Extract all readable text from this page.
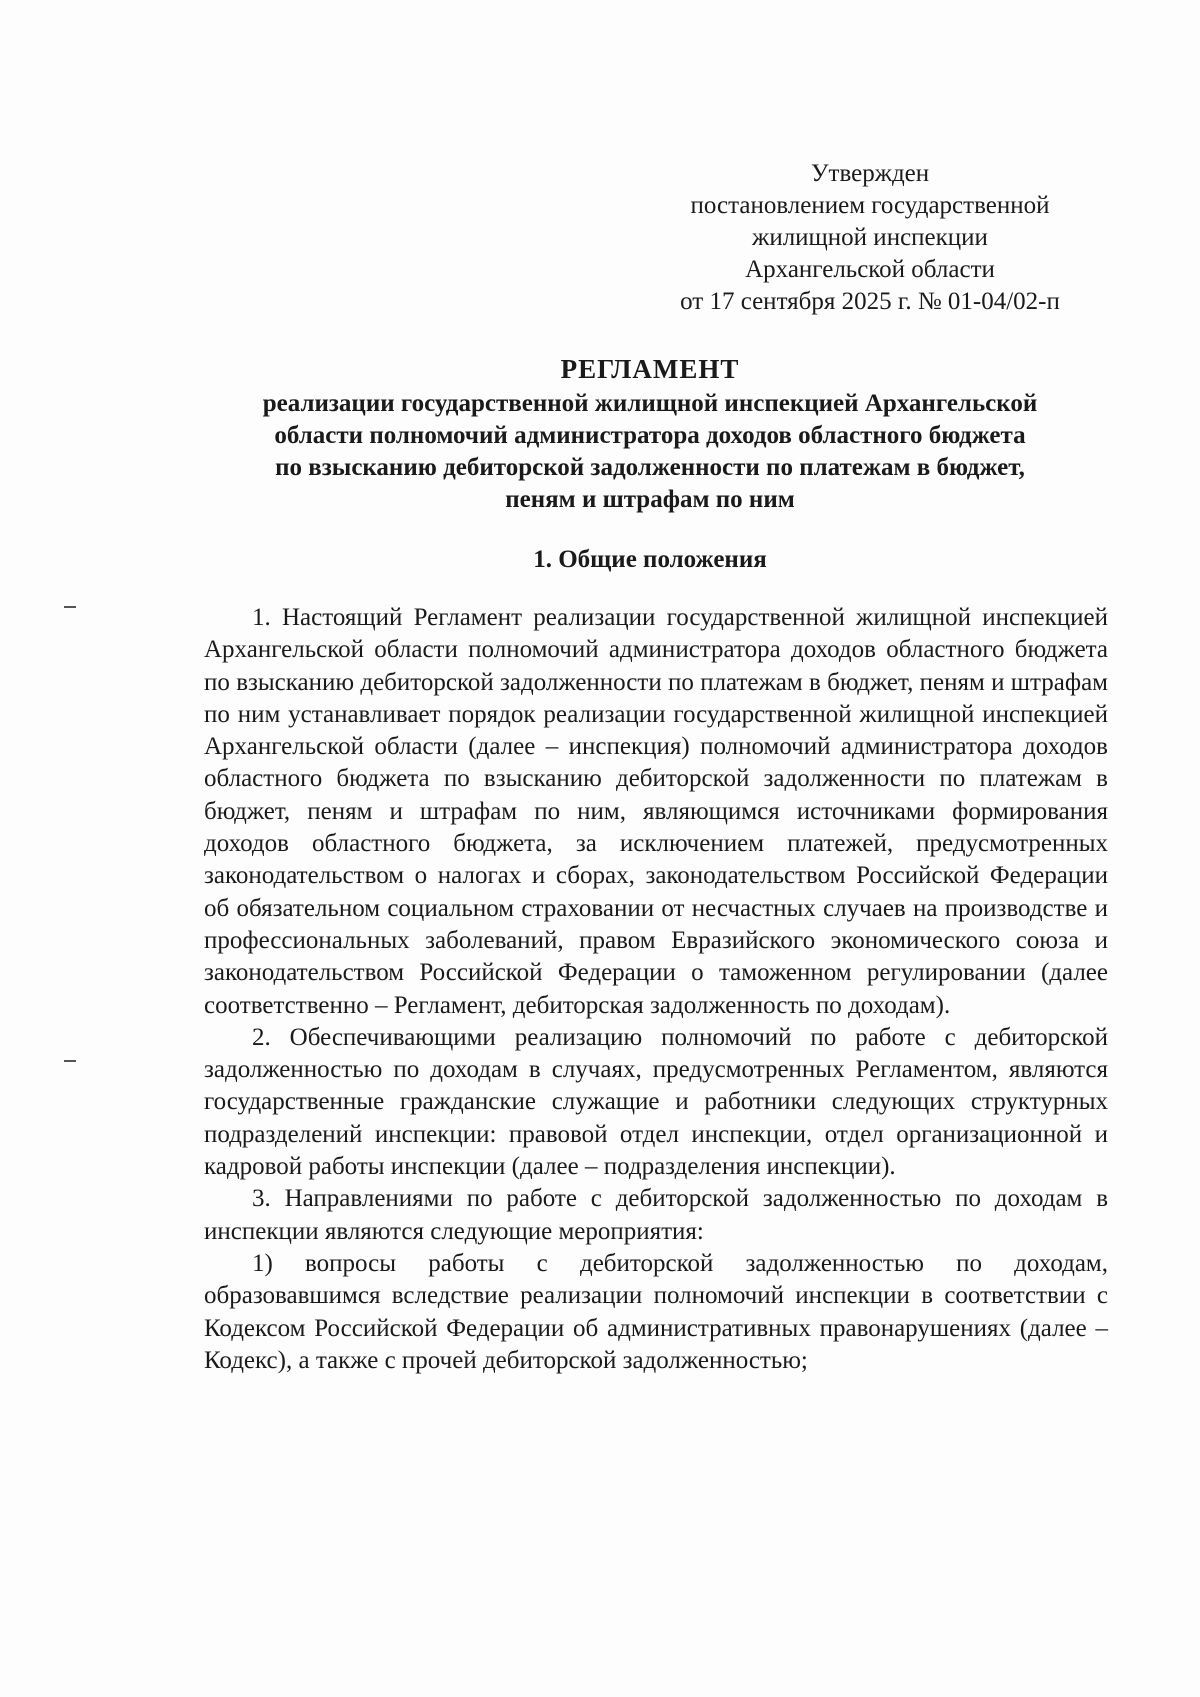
Утвержден
постановлением государственной
жилищной инспекции
Архангельской области
от 17 сентября 2025 г. № 01-04/02-п
РЕГЛАМЕНТ
реализации государственной жилищной инспекцией Архангельской
области полномочий администратора доходов областного бюджета
по взысканию дебиторской задолженности по платежам в бюджет,
пеням и штрафам по ним
1. Общие положения

1. Настоящий Регламент реализации государственной жилищной инспекцией Архангельской области полномочий администратора доходов областного бюджета по взысканию дебиторской задолженности по платежам в бюджет, пеням и штрафам по ним устанавливает порядок реализации государственной жилищной инспекцией Архангельской области (далее – инспекция) полномочий администратора доходов областного бюджета по взысканию дебиторской задолженности по платежам в бюджет, пеням и штрафам по ним, являющимся источниками формирования доходов областного бюджета, за исключением платежей, предусмотренных законодательством о налогах и сборах, законодательством Российской Федерации об обязательном социальном страховании от несчастных случаев на производстве и профессиональных заболеваний, правом Евразийского экономического союза и законодательством Российской Федерации о таможенном регулировании (далее соответственно – Регламент, дебиторская задолженность по доходам).

2. Обеспечивающими реализацию полномочий по работе с дебиторской задолженностью по доходам в случаях, предусмотренных Регламентом, являются государственные гражданские служащие и работники следующих структурных подразделений инспекции: правовой отдел инспекции, отдел организационной и кадровой работы инспекции (далее – подразделения инспекции).

3. Направлениями по работе с дебиторской задолженностью по доходам в инспекции являются следующие мероприятия:

1) вопросы работы с дебиторской задолженностью по доходам, образовавшимся вследствие реализации полномочий инспекции в соответствии с Кодексом Российской Федерации об административных правонарушениях (далее – Кодекс), а также с прочей дебиторской задолженностью;
